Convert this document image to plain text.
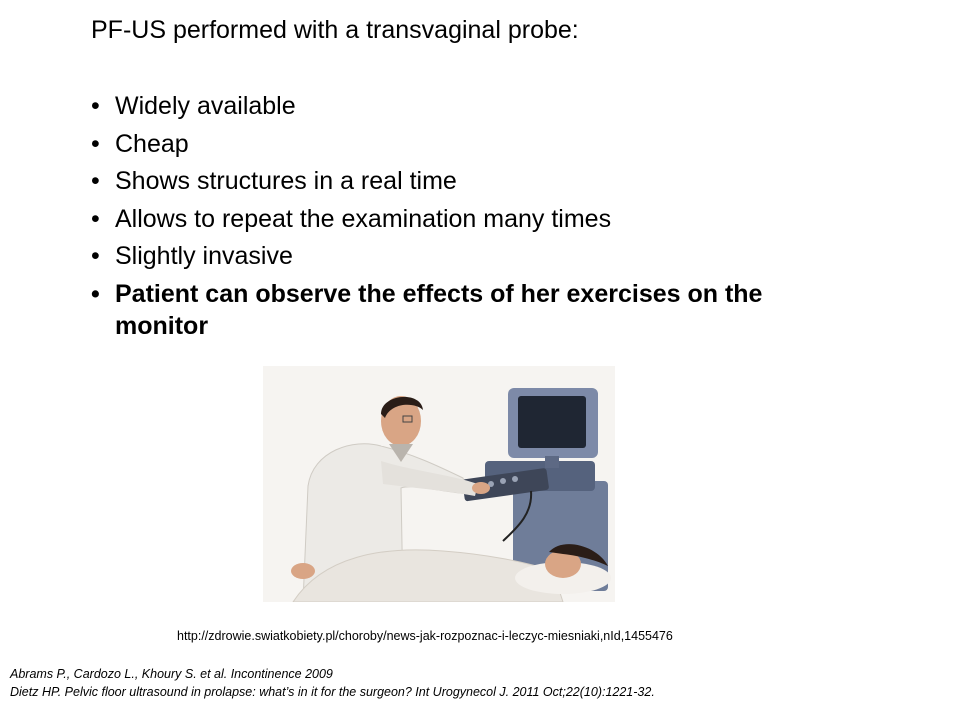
PF-US performed with a transvaginal probe:
• Widely available
• Cheap
• Shows structures in a real time
• Allows to repeat the examination many times
• Slightly invasive
• Patient can observe the effects of her exercises on the monitor
http://zdrowie.swiatkobiety.pl/choroby/news-jak-rozpoznac-i-leczyc-miesniaki,nId,1455476
Abrams P., Cardozo L., Khoury S. et al. Incontinence 2009
Dietz HP. Pelvic floor ultrasound in prolapse: what’s in it for the surgeon? Int Urogynecol J. 2011 Oct;22(10):1221-32.
